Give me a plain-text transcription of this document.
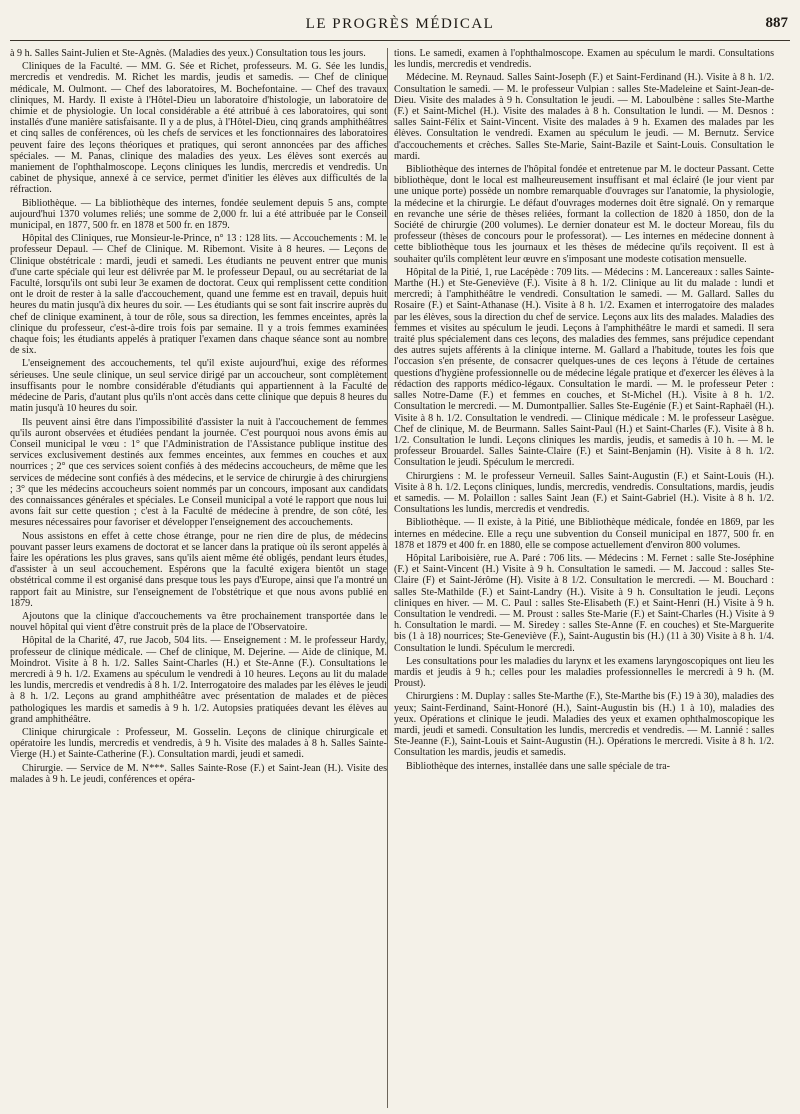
LE PROGRÈS MÉDICAL	887

à 9 h. Salles Saint-Julien et Ste-Agnès. (Maladies des yeux.) Consultation tous les jours.

Cliniques de la Faculté. — MM. G. Sée et Richet, professeurs. M. G. Sée les lundis, mercredis et vendredis. M. Richet les mardis, jeudis et samedis. — Chef de clinique médicale, M. Oulmont. — Chef des laboratoires, M. Bochefontaine. — Chef des travaux cliniques, M. Hardy. Il existe à l'Hôtel-Dieu un laboratoire d'histologie, un laboratoire de chimie et de physiologie. Un local considérable a été attribué à ces laboratoires, qui sont installés d'une manière satisfaisante. Il y a de plus, à l'Hôtel-Dieu, cinq grands amphithéâtres et cinq salles de conférences, où les chefs de services et les fonctionnaires des laboratoires peuvent faire des leçons théoriques et pratiques, qui seront annoncées par des affiches spéciales. — M. Panas, clinique des maladies des yeux. Les élèves sont exercés au maniement de l'ophthalmoscope. Leçons cliniques les lundis, mercredis et vendredis. Un cabinet de physique, annexé à ce service, permet d'initier les élèves aux difficultés de la réfraction.

Bibliothèque. — La bibliothèque des internes, fondée seulement depuis 5 ans, compte aujourd'hui 1370 volumes reliés; une somme de 2,000 fr. lui a été attribuée par le Conseil municipal, en 1877, 500 fr. en 1878 et 500 fr. en 1879.

Hôpital des Cliniques, rue Monsieur-le-Prince, n° 13 : 128 lits. — Accouchements : M. le professeur Depaul. — Chef de Clinique. M. Ribemont. Visite à 8 heures. — Leçons de Clinique obstétricale : mardi, jeudi et samedi. Les étudiants ne peuvent entrer que munis d'une carte spéciale qui leur est délivrée par M. le professeur Depaul, ou au secrétariat de la Faculté, lorsqu'ils ont subi leur 3e examen de doctorat. Ceux qui remplissent cette condition ont le droit de rester à la salle d'accouchement, quand une femme est en travail, depuis huit heures du matin jusqu'à dix heures du soir. — Les étudiants qui se sont fait inscrire auprès du chef de clinique examinent, à tour de rôle, sous sa direction, les femmes enceintes, après la clinique du professeur, c'est-à-dire trois fois par semaine. Il y a trois femmes examinées chaque fois; les étudiants appelés à pratiquer l'examen dans chaque séance sont au nombre de six.

L'enseignement des accouchements, tel qu'il existe aujourd'hui, exige des réformes sérieuses. Une seule clinique, un seul service dirigé par un accoucheur, sont complètement insuffisants pour le nombre considérable d'étudiants qui appartiennent à la Faculté de médecine de Paris, d'autant plus qu'ils n'ont accès dans cette clinique que depuis 8 heures du matin jusqu'à 10 heures du soir.

Ils peuvent ainsi être dans l'impossibilité d'assister la nuit à l'accouchement de femmes qu'ils auront observées et étudiées pendant la journée. C'est pourquoi nous avons émis au Conseil municipal le vœu : 1° que l'Administration de l'Assistance publique institue des services exclusivement destinés aux femmes enceintes, aux femmes en couches et aux nourrices ; 2° que ces services soient confiés à des médecins accoucheurs, de même que les services de médecine sont confiés à des médecins, et le service de chirurgie à des chirurgiens ; 3° que les médecins accoucheurs soient nommés par un concours, imposant aux candidats des connaissances générales et spéciales. Le Conseil municipal a voté le rapport que nous lui avons fait sur cette question ; c'est à la Faculté de médecine à prendre, de son côté, les mesures nécessaires pour favoriser et développer l'enseignement des accouchements.

Nous assistons en effet à cette chose étrange, pour ne rien dire de plus, de médecins pouvant passer leurs examens de doctorat et se lancer dans la pratique où ils seront appelés à faire les opérations les plus graves, sans qu'ils aient même été obligés, pendant leurs études, d'assister à un seul accouchement. Espérons que la faculté exigera bientôt un stage obstétrical comme il est organisé dans presque tous les pays d'Europe, ainsi que l'a montré un rapport fait au Ministre, sur l'enseignement de l'obstétrique et que nous avons publié en 1879.

Ajoutons que la clinique d'accouchements va être prochainement transportée dans le nouvel hôpital qui vient d'être construit près de la place de l'Observatoire.

Hôpital de la Charité, 47, rue Jacob, 504 lits. — Enseignement : M. le professeur Hardy, professeur de clinique médicale. — Chef de clinique, M. Dejerine. — Aide de clinique, M. Moindrot. Visite à 8 h. 1/2. Salles Saint-Charles (H.) et Ste-Anne (F.). Consultations le mercredi à 9 h. 1/2. Examens au spéculum le vendredi à 10 heures. Leçons au lit du malade les lundis, mercredis et vendredis à 8 h. 1/2. Interrogatoire des malades par les élèves le jeudi à 8 h. 1/2. Leçons au grand amphithéâtre avec présentation de malades et de pièces pathologiques les mardis et samedis à 9 h. 1/2. Autopsies pratiquées devant les élèves au grand amphithéâtre.

Clinique chirurgicale : Professeur, M. Gosselin. Leçons de clinique chirurgicale et opératoire les lundis, mercredis et vendredis, à 9 h. Visite des malades à 8 h. Salles Sainte-Vierge (H.) et Sainte-Catherine (F.). Consultation mardi, jeudi et samedi.

Chirurgie. — Service de M. N***. Salles Sainte-Rose (F.) et Saint-Jean (H.). Visite des malades à 9 h. Le jeudi, conférences et opéra-

tions. Le samedi, examen à l'ophthalmoscope. Examen au spéculum le mardi. Consultations les lundis, mercredis et vendredis.

Médecine. M. Reynaud. Salles Saint-Joseph (F.) et Saint-Ferdinand (H.). Visite à 8 h. 1/2. Consultation le samedi. — M. le professeur Vulpian : salles Ste-Madeleine et Saint-Jean-de-Dieu. Visite des malades à 9 h. Consultation le jeudi. — M. Laboulbène : salles Ste-Marthe (F.) et Saint-Michel (H.). Visite des malades à 8 h. Consultation le lundi. — M. Desnos : salles Saint-Félix et Saint-Vincent. Visite des malades à 9 h. Examen des malades par les élèves. Consultation le vendredi. Examen au spéculum le jeudi. — M. Bernutz. Service d'accouchements et crèches. Salles Ste-Marie, Saint-Bazile et Saint-Louis. Consultation le mardi.

Bibliothèque des internes de l'hôpital fondée et entretenue par M. le docteur Passant. Cette bibliothèque, dont le local est malheureusement insuffisant et mal éclairé (le jour vient par une unique porte) possède un nombre remarquable d'ouvrages sur l'anatomie, la physiologie, la médecine et la chirurgie. Le défaut d'ouvrages modernes doit être signalé. On y remarque en revanche une série de thèses reliées, formant la collection de 1820 à 1850, don de la Société de chirurgie (200 volumes). Le dernier donateur est M. le docteur Moreau, fils du professeur (thèses de concours pour le professorat). — Les internes en médecine donnent à cette bibliothèque tous les journaux et les thèses de médecine qu'ils reçoivent. Il est à souhaiter qu'ils complètent leur œuvre en s'imposant une modeste cotisation mensuelle.

Hôpital de la Pitié, 1, rue Lacépède : 709 lits. — Médecins : M. Lancereaux : salles Sainte-Marthe (H.) et Ste-Geneviève (F.). Visite à 8 h. 1/2. Clinique au lit du malade : lundi et mercredi; à l'amphithéâtre le vendredi. Consultation le samedi. — M. Gallard. Salles du Rosaire (F.) et Saint-Athanase (H.). Visite à 8 h. 1/2. Examen et interrogatoire des malades par les élèves, sous la direction du chef de service. Leçons aux lits des malades. Maladies des femmes et visites au spéculum le jeudi. Leçons à l'amphithéâtre le mardi et samedi. Il sera traité plus spécialement dans ces leçons, des maladies des femmes, sans préjudice cependant des autres sujets afférents à la clinique interne. M. Gallard a l'habitude, toutes les fois que l'occasion s'en présente, de consacrer quelques-unes de ces leçons à l'étude de certaines questions d'hygiène professionnelle ou de médecine légale pratique et d'exercer les élèves à la rédaction des rapports médico-légaux. Consultation le mardi. — M. le professeur Peter : salles Notre-Dame (F.) et femmes en couches, et St-Michel (H.). Visite à 8 h. 1/2. Consultation le mercredi. — M. Dumontpallier. Salles Ste-Eugénie (F.) et Saint-Raphaël (H.). Visite à 8 h. 1/2. Consultation le vendredi. — Clinique médicale : M. le professeur Lasègue. Chef de clinique, M. de Beurmann. Salles Saint-Paul (H.) et Saint-Charles (F.). Visite à 8 h. 1/2. Consultation le lundi. Leçons cliniques les mardis, jeudis, et samedis à 10 h. — M. le professeur Brouardel. Salles Sainte-Claire (F.) et Saint-Benjamin (H). Visite à 8 h. 1/2. Consultation le jeudi. Spéculum le mercredi.

Chirurgiens : M. le professeur Verneuil. Salles Saint-Augustin (F.) et Saint-Louis (H.). Visite à 8 h. 1/2. Leçons cliniques, lundis, mercredis, vendredis. Consultations, mardis, jeudis et samedis. — M. Polaillon : salles Saint Jean (F.) et Saint-Gabriel (H.). Visite à 8 h. 1/2. Consultations les lundis, mercredis et vendredis.

Bibliothèque. — Il existe, à la Pitié, une Bibliothèque médicale, fondée en 1869, par les internes en médecine. Elle a reçu une subvention du Conseil municipal en 1877, 500 fr. en 1878 et 1879 et 400 fr. en 1880, elle se compose actuellement d'environ 800 volumes.

Hôpital Lariboisière, rue A. Paré : 706 lits. — Médecins : M. Fernet : salle Ste-Joséphine (F.) et Saint-Vincent (H.) Visite à 9 h. Consultation le samedi. — M. Jaccoud : salles Ste-Claire (F) et Saint-Jérôme (H). Visite à 8 1/2. Consultation le mercredi. — M. Bouchard : salles Ste-Mathilde (F.) et Saint-Landry (H.). Visite à 9 h. Consultation le jeudi. Leçons cliniques en hiver. — M. C. Paul : salles Ste-Elisabeth (F.) et Saint-Henri (H.) Visite à 9 h. Consultation le vendredi. — M. Proust : salles Ste-Marie (F.) et Saint-Charles (H.) Visite à 9 h. Consultation le mardi. — M. Siredey : salles Ste-Anne (F. en couches) et Ste-Marguerite bis (1 à 18) nourrices; Ste-Geneviève (F.), Saint-Augustin bis (H.) (11 à 30) Visite à 8 h. 1/4. Consultation le lundi. Spéculum le mercredi.

Les consultations pour les maladies du larynx et les examens laryngoscopiques ont lieu les mardis et jeudis à 9 h.; celles pour les maladies professionnelles le mercredi à 9 h. (M. Proust).

Chirurgiens : M. Duplay : salles Ste-Marthe (F.), Ste-Marthe bis (F.) 19 à 30), maladies des yeux; Saint-Ferdinand, Saint-Honoré (H.), Saint-Augustin bis (H.) 1 à 10), maladies des yeux. Opérations et clinique le jeudi. Maladies des yeux et examen ophthalmoscopique les mardi, jeudi et samedi. Consultation les lundis, mercredis et vendredis. — M. Lannié : salles Ste-Jeanne (F.), Saint-Louis et Saint-Augustin (H.). Opérations le mercredi. Visite à 8 h. 1/2. Consultation les mardis, jeudis et samedis.

Bibliothèque des internes, installée dans une salle spéciale de tra-
